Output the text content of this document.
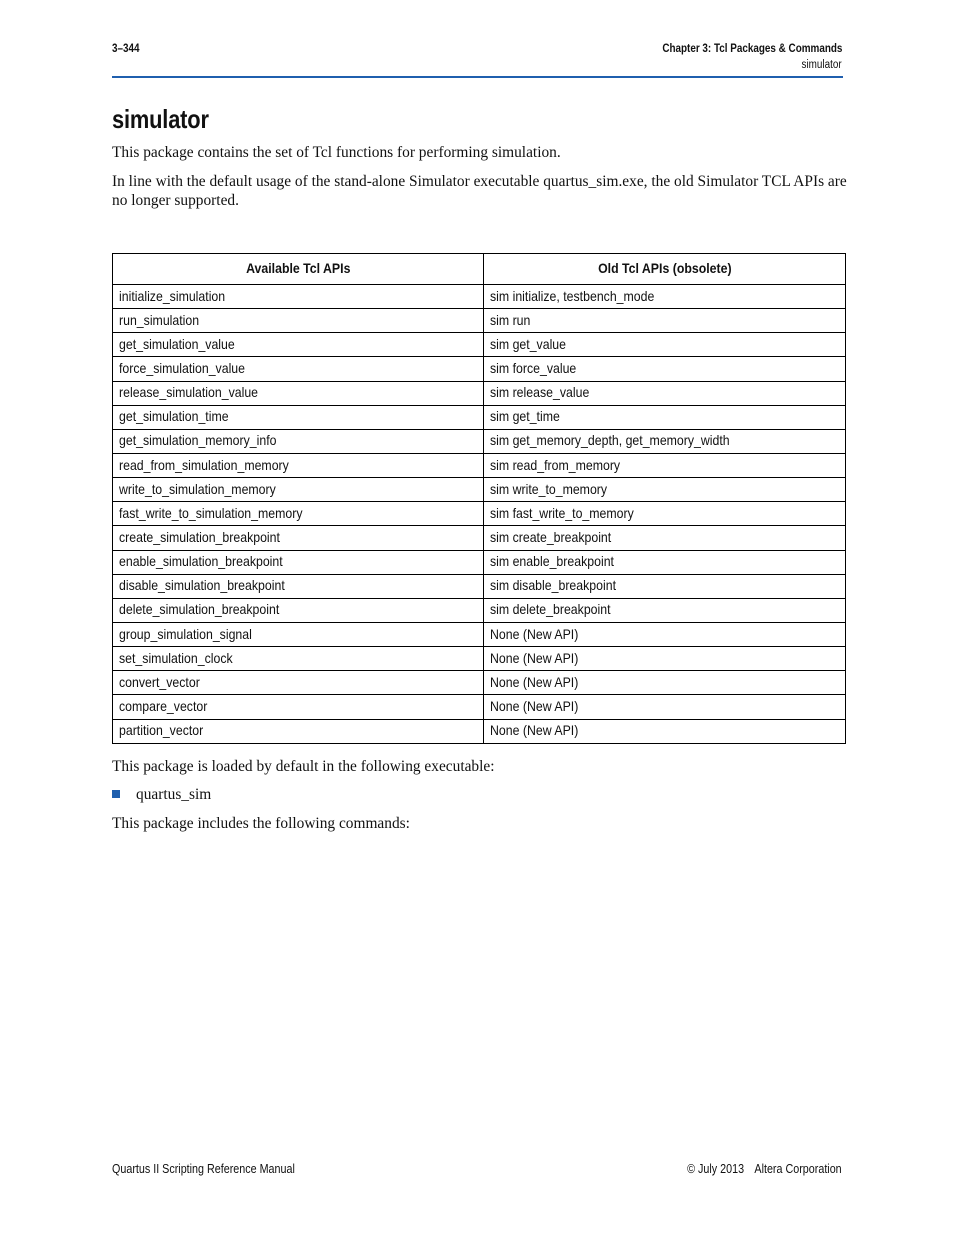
3–344	Chapter 3: Tcl Packages & Commands
simulator
simulator

This package contains the set of Tcl functions for performing simulation.

In line with the default usage of the stand-alone Simulator executable quartus_sim.exe, the old Simulator TCL APIs are no longer supported.

Available Tcl APIs	Old Tcl APIs (obsolete)
initialize_simulation	sim initialize, testbench_mode
run_simulation	sim run
get_simulation_value	sim get_value
force_simulation_value	sim force_value
release_simulation_value	sim release_value
get_simulation_time	sim get_time
get_simulation_memory_info	sim get_memory_depth, get_memory_width
read_from_simulation_memory	sim read_from_memory
write_to_simulation_memory	sim write_to_memory
fast_write_to_simulation_memory	sim fast_write_to_memory
create_simulation_breakpoint	sim create_breakpoint
enable_simulation_breakpoint	sim enable_breakpoint
disable_simulation_breakpoint	sim disable_breakpoint
delete_simulation_breakpoint	sim delete_breakpoint
group_simulation_signal	None (New API)
set_simulation_clock	None (New API)
convert_vector	None (New API)
compare_vector	None (New API)
partition_vector	None (New API)

This package is loaded by default in the following executable:

quartus_sim

This package includes the following commands:

Quartus II Scripting Reference Manual	© July 2013 Altera Corporation
